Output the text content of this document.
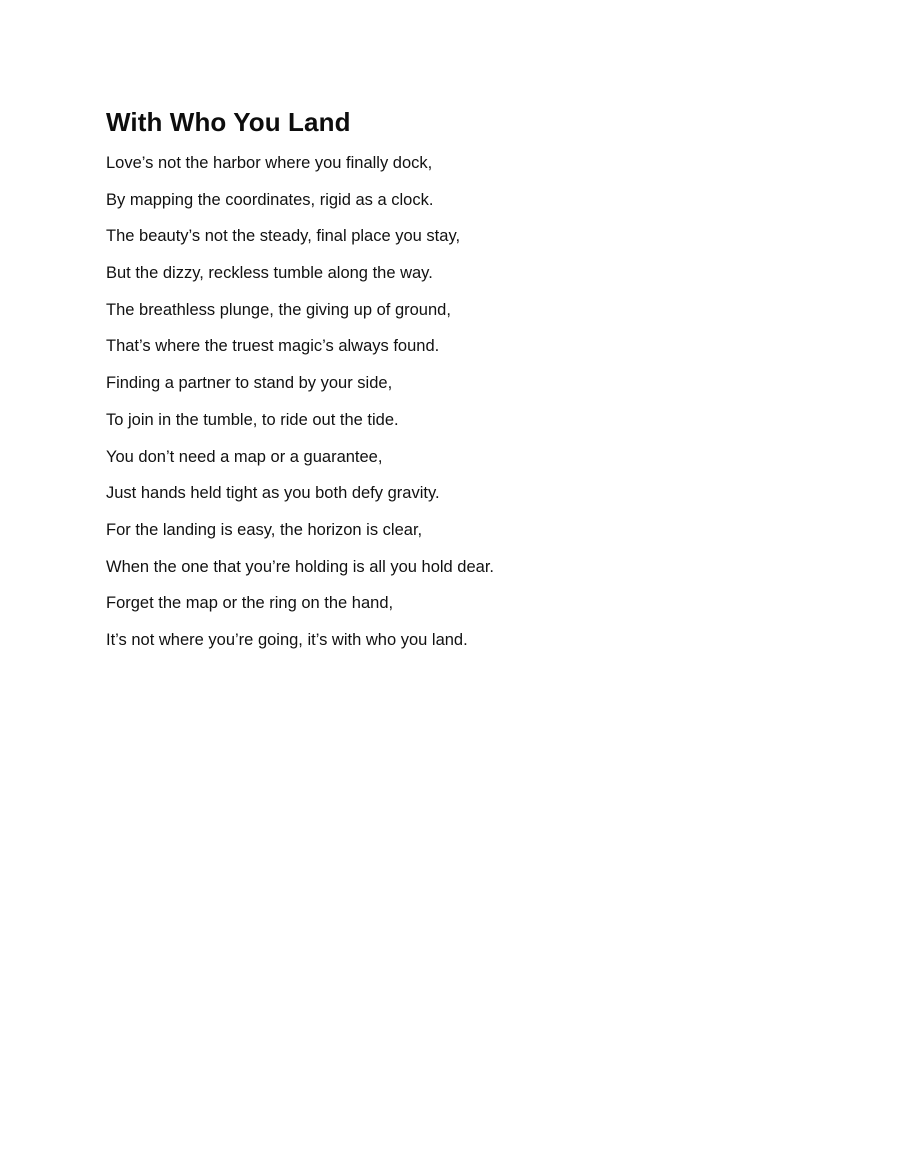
With Who You Land
Love’s not the harbor where you finally dock,
By mapping the coordinates, rigid as a clock.
The beauty’s not the steady, final place you stay,
But the dizzy, reckless tumble along the way.
The breathless plunge, the giving up of ground,
That’s where the truest magic’s always found.
Finding a partner to stand by your side,
To join in the tumble, to ride out the tide.
You don’t need a map or a guarantee,
Just hands held tight as you both defy gravity.
For the landing is easy, the horizon is clear,
When the one that you’re holding is all you hold dear.
Forget the map or the ring on the hand,
It’s not where you’re going, it’s with who you land.
